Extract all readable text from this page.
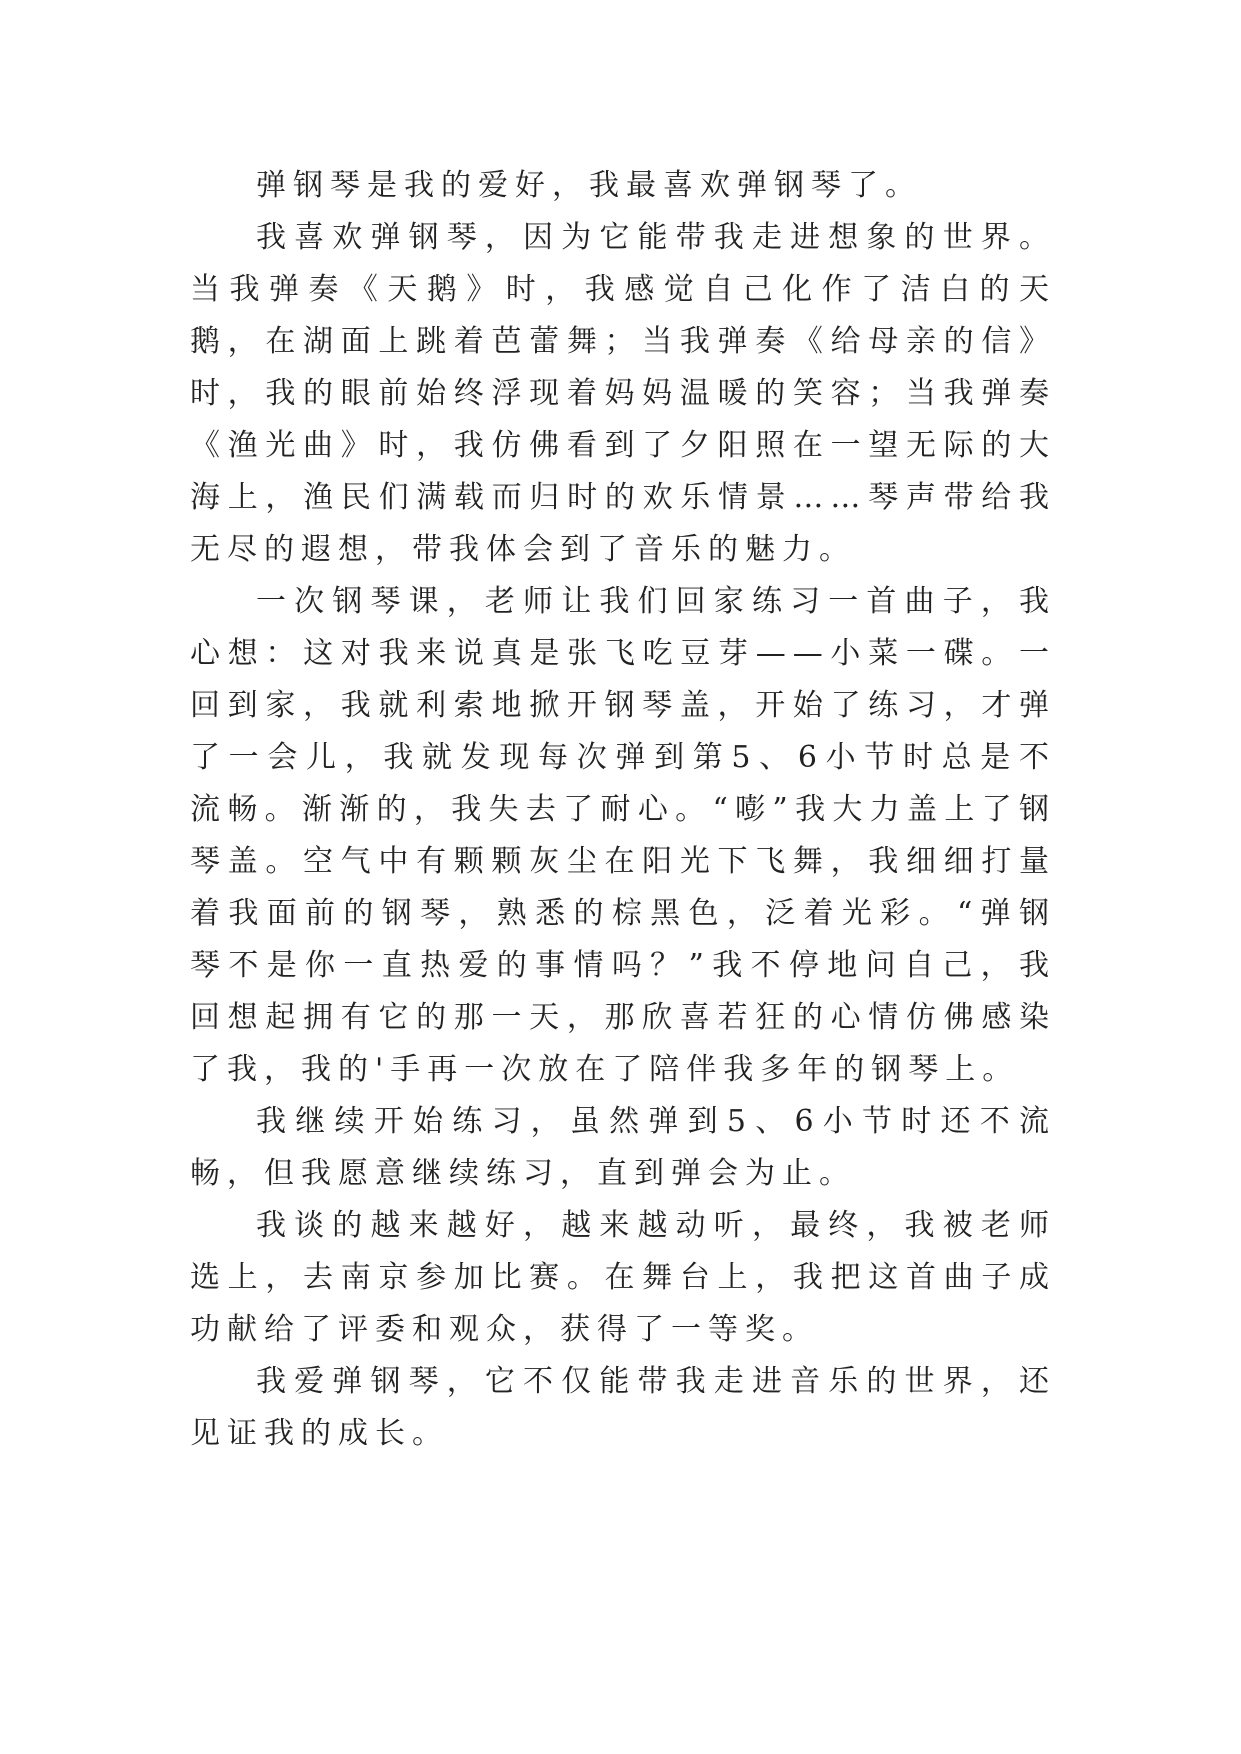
弹钢琴是我的爱好，我最喜欢弹钢琴了。

我喜欢弹钢琴，因为它能带我走进想象的世界。当我弹奏《天鹅》时，我感觉自己化作了洁白的天鹅，在湖面上跳着芭蕾舞；当我弹奏《给母亲的信》时，我的眼前始终浮现着妈妈温暖的笑容；当我弹奏《渔光曲》时，我仿佛看到了夕阳照在一望无际的大海上，渔民们满载而归时的欢乐情景……琴声带给我无尽的遐想，带我体会到了音乐的魅力。

一次钢琴课，老师让我们回家练习一首曲子，我心想：这对我来说真是张飞吃豆芽——小菜一碟。一回到家，我就利索地掀开钢琴盖，开始了练习，才弹了一会儿，我就发现每次弹到第5、6小节时总是不流畅。渐渐的，我失去了耐心。“嘭”我大力盖上了钢琴盖。空气中有颗颗灰尘在阳光下飞舞，我细细打量着我面前的钢琴，熟悉的棕黑色，泛着光彩。“弹钢琴不是你一直热爱的事情吗？”我不停地问自己，我回想起拥有它的那一天，那欣喜若狂的心情仿佛感染了我，我的'手再一次放在了陪伴我多年的钢琴上。

我继续开始练习，虽然弹到5、6小节时还不流畅，但我愿意继续练习，直到弹会为止。

我谈的越来越好，越来越动听，最终，我被老师选上，去南京参加比赛。在舞台上，我把这首曲子成功献给了评委和观众，获得了一等奖。

我爱弹钢琴，它不仅能带我走进音乐的世界，还见证我的成长。
